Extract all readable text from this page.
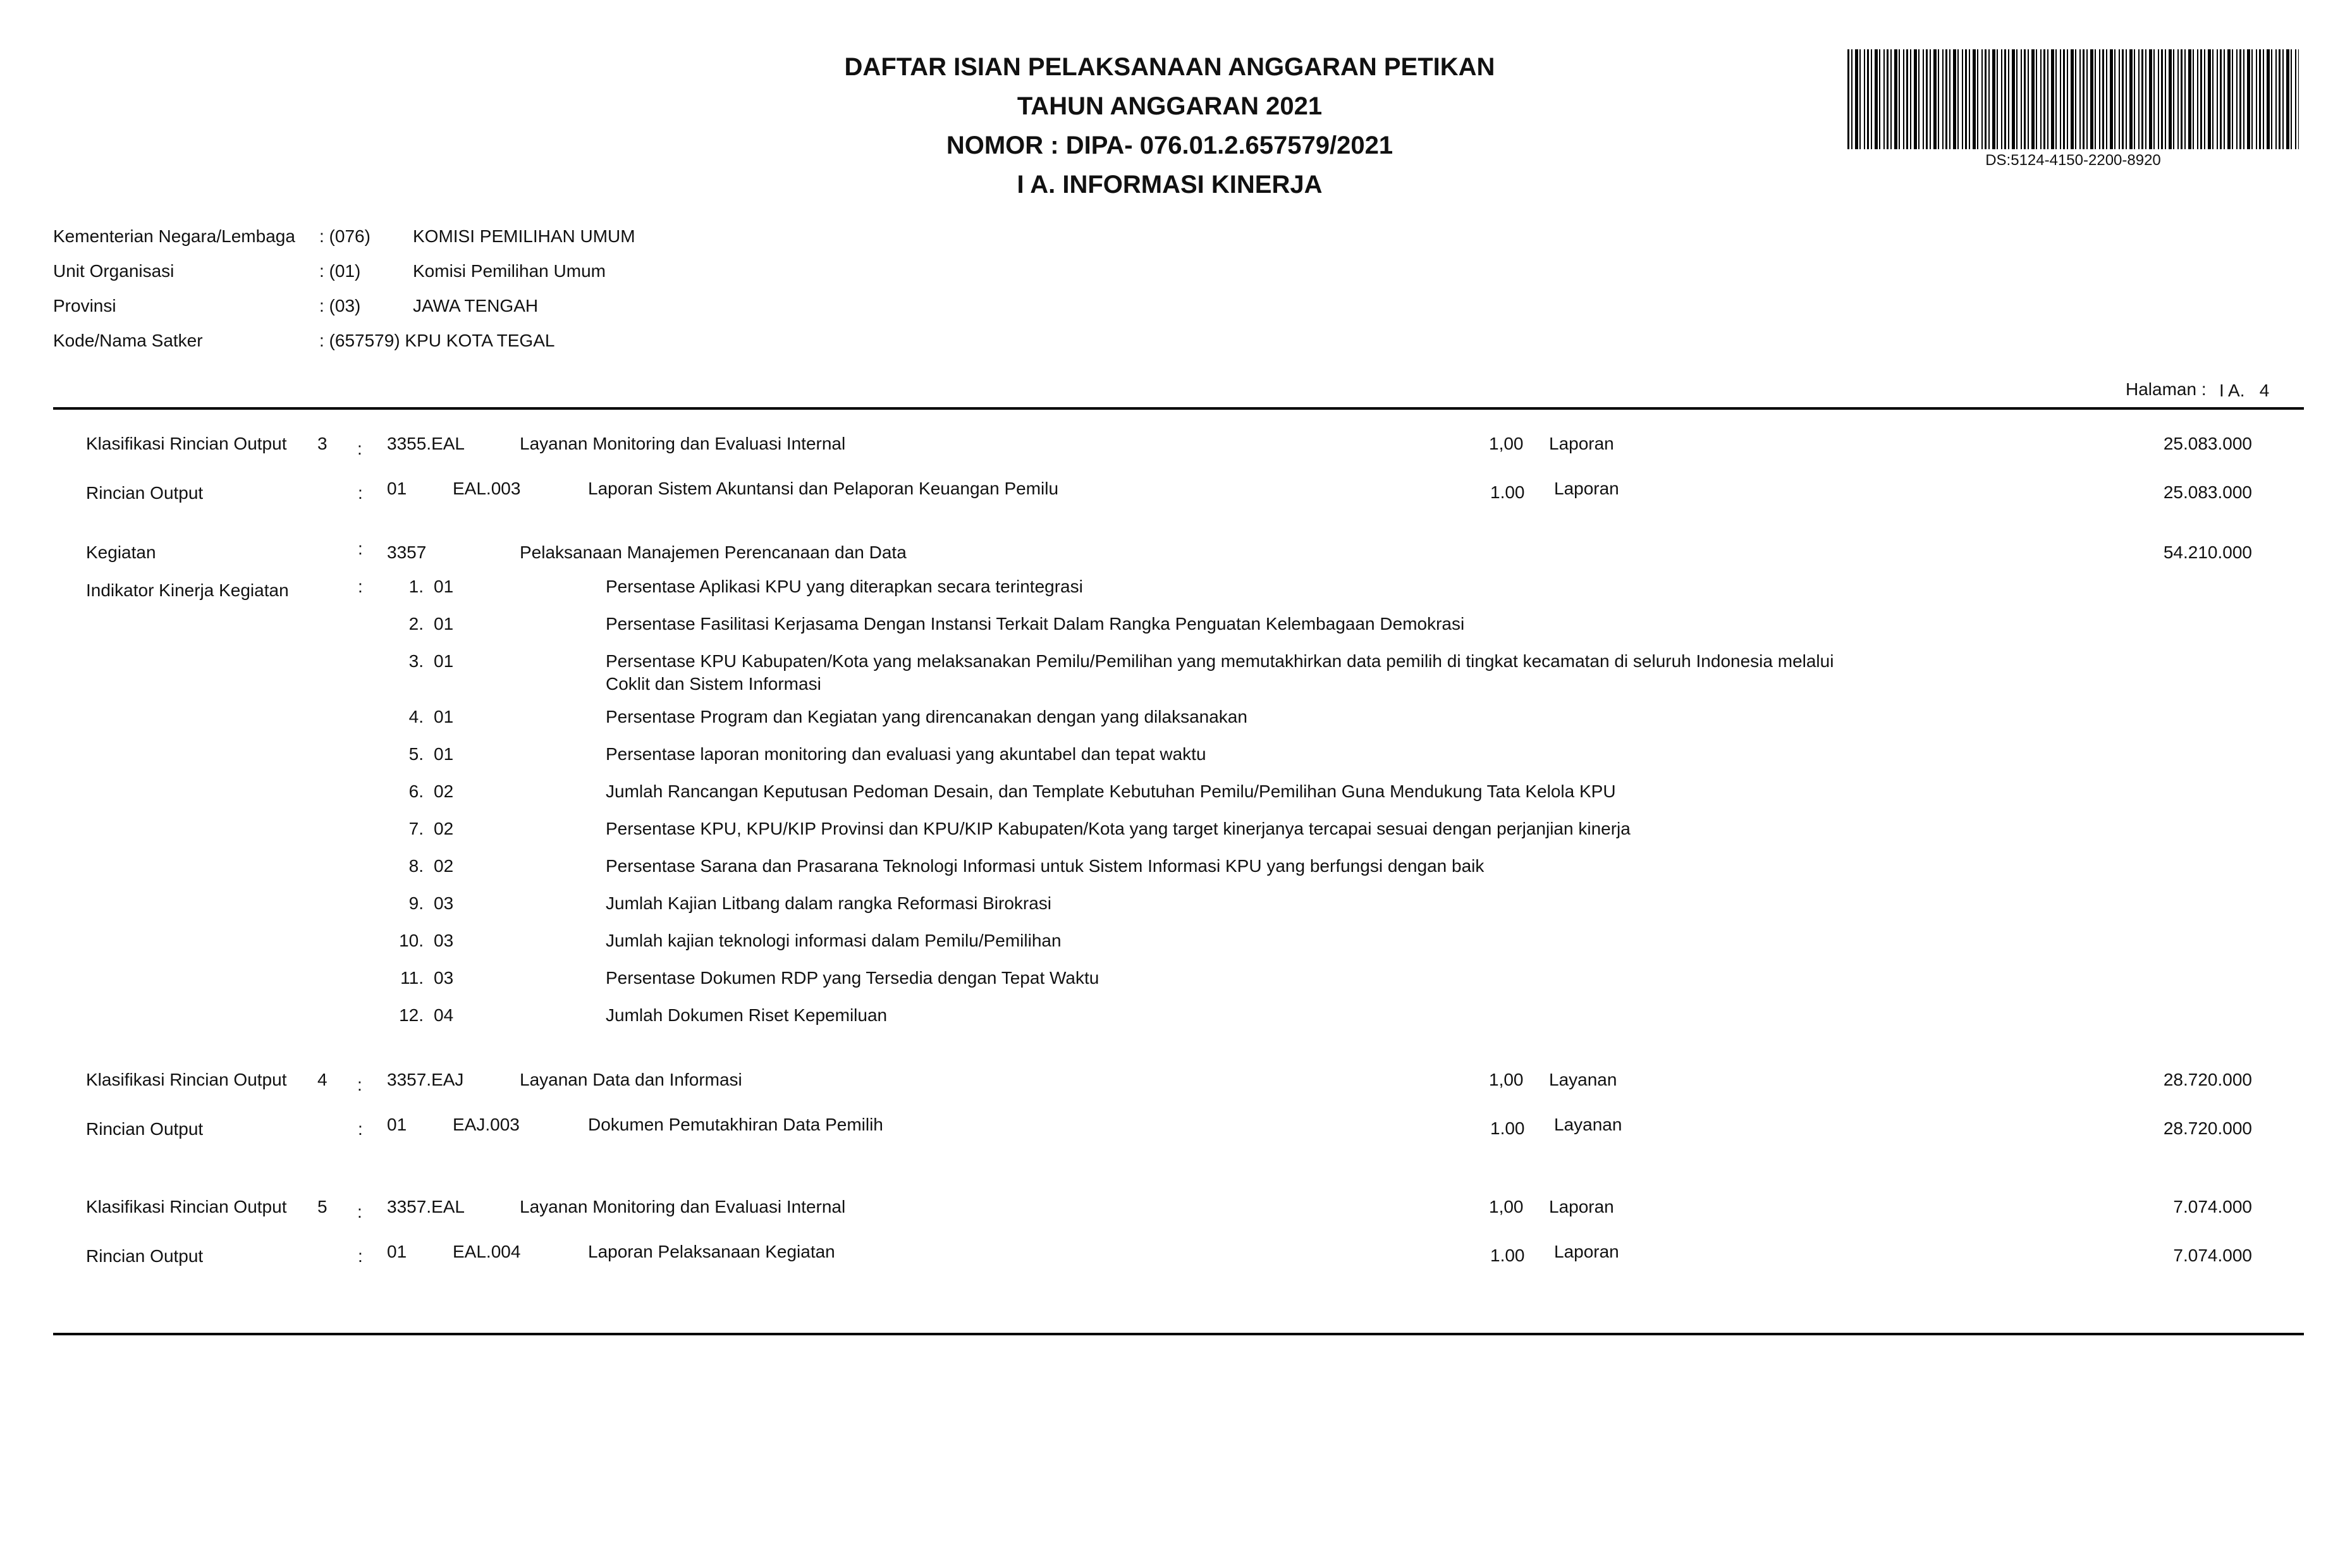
DAFTAR ISIAN PELAKSANAAN ANGGARAN PETIKAN
TAHUN ANGGARAN 2021
NOMOR : DIPA- 076.01.2.657579/2021
I A. INFORMASI KINERJA
DS:5124-4150-2200-8920
Kementerian Negara/Lembaga : (076) KOMISI PEMILIHAN UMUM
Unit Organisasi	: (01)	Komisi Pemilihan Umum
Provinsi	: (03)	JAWA TENGAH
Kode/Nama Satker	: (657579) KPU KOTA TEGAL
Halaman : I A.   4
Klasifikasi Rincian Output 3 : 3355.EAL	Layanan Monitoring dan Evaluasi Internal	1,00 Laporan	25.083.000
Rincian Output	: 01	EAL.003	Laporan Sistem Akuntansi dan Pelaporan Keuangan Pemilu	1.00 Laporan	25.083.000
Kegiatan	: 3357	Pelaksanaan Manajemen Perencanaan dan Data	54.210.000
Indikator Kinerja Kegiatan	:	1. 01	Persentase Aplikasi KPU yang diterapkan secara terintegrasi
2. 01	Persentase Fasilitasi Kerjasama Dengan Instansi Terkait Dalam Rangka Penguatan Kelembagaan Demokrasi
3. 01	Persentase KPU Kabupaten/Kota yang melaksanakan Pemilu/Pemilihan yang memutakhirkan data pemilih di tingkat kecamatan di seluruh Indonesia melalui
Coklit dan Sistem Informasi
4. 01	Persentase Program dan Kegiatan yang direncanakan dengan yang dilaksanakan
5. 01	Persentase laporan monitoring dan evaluasi yang akuntabel dan tepat waktu
6. 02	Jumlah Rancangan Keputusan Pedoman Desain, dan Template Kebutuhan Pemilu/Pemilihan Guna Mendukung Tata Kelola KPU
7. 02	Persentase KPU, KPU/KIP Provinsi dan KPU/KIP Kabupaten/Kota yang target kinerjanya tercapai sesuai dengan perjanjian kinerja
8. 02	Persentase Sarana dan Prasarana Teknologi Informasi untuk Sistem Informasi KPU yang berfungsi dengan baik
9. 03	Jumlah Kajian Litbang dalam rangka Reformasi Birokrasi
10. 03	Jumlah kajian teknologi informasi dalam Pemilu/Pemilihan
11. 03	Persentase Dokumen RDP yang Tersedia dengan Tepat Waktu
12. 04	Jumlah Dokumen Riset Kepemiluan
Klasifikasi Rincian Output 4 : 3357.EAJ	Layanan Data dan Informasi	1,00 Layanan	28.720.000
Rincian Output	: 01	EAJ.003	Dokumen Pemutakhiran Data Pemilih	1.00 Layanan	28.720.000
Klasifikasi Rincian Output 5 : 3357.EAL	Layanan Monitoring dan Evaluasi Internal	1,00 Laporan	7.074.000
Rincian Output	: 01	EAL.004	Laporan Pelaksanaan Kegiatan	1.00 Laporan	7.074.000
